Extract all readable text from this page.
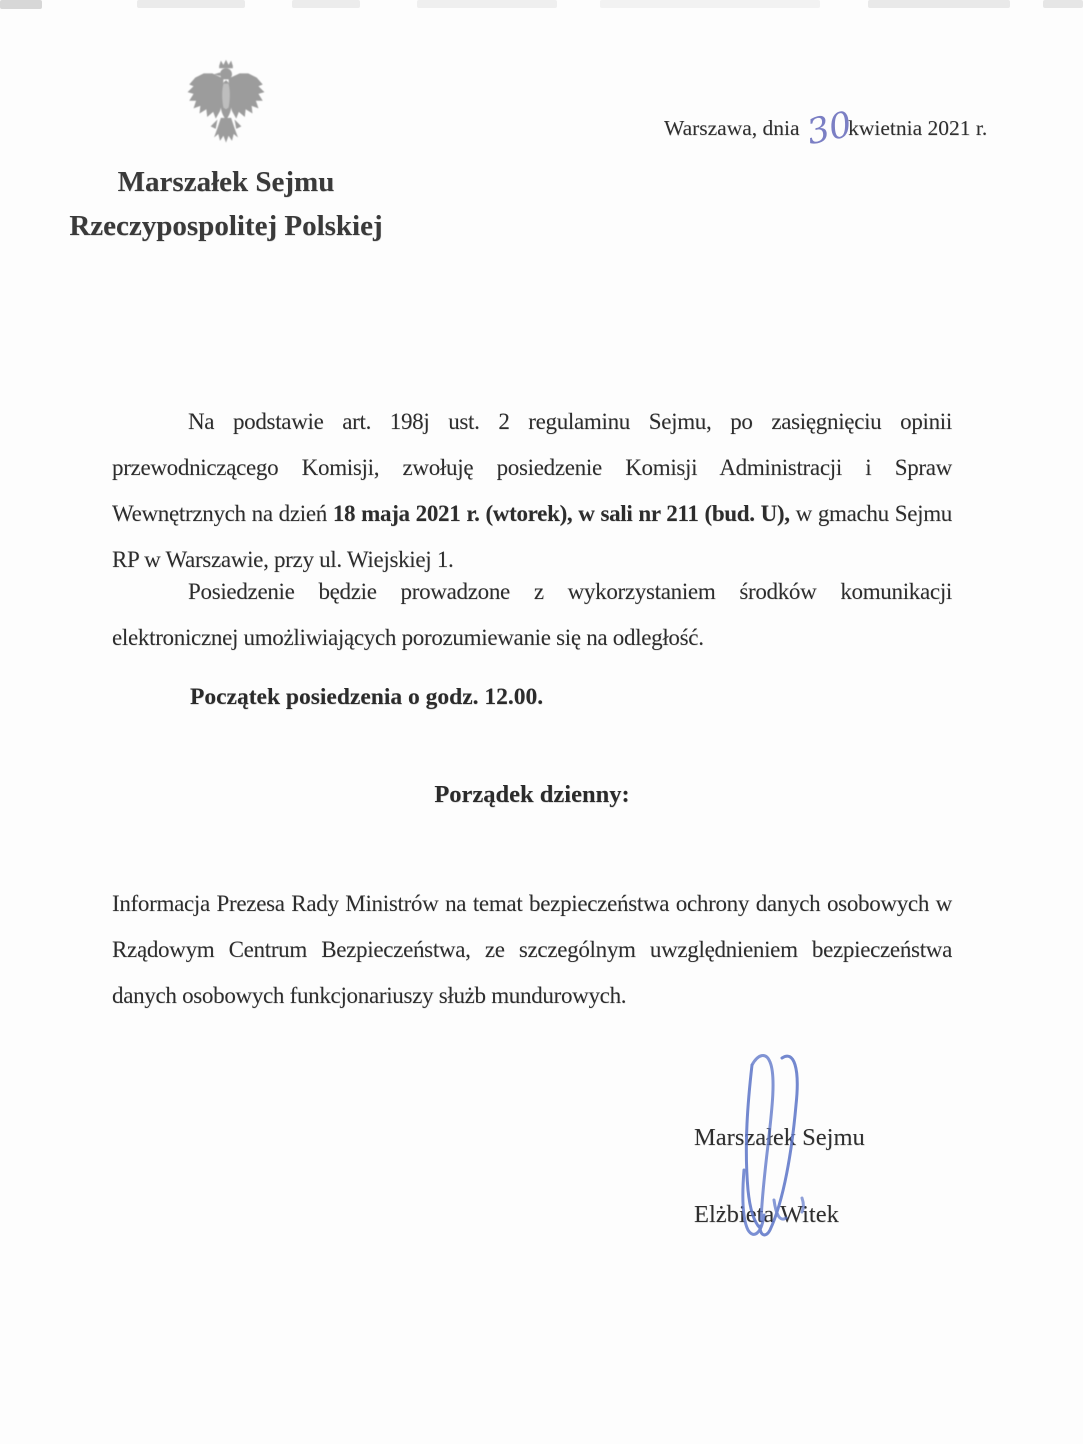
Marszałek Sejmu
Rzeczypospolitej Polskiej
Warszawa, dnia 30kwietnia 2021 r.

Na podstawie art. 198j ust. 2 regulaminu Sejmu, po zasięgnięciu opinii przewodniczącego Komisji, zwołuję posiedzenie Komisji Administracji i Spraw Wewnętrznych na dzień 18 maja 2021 r. (wtorek), w sali nr 211 (bud. U), w gmachu Sejmu RP w Warszawie, przy ul. Wiejskiej 1.

Posiedzenie będzie prowadzone z wykorzystaniem środków komunikacji elektronicznej umożliwiających porozumiewanie się na odległość.

Początek posiedzenia o godz. 12.00.
Porządek dzienny:

Informacja Prezesa Rady Ministrów na temat bezpieczeństwa ochrony danych osobowych w Rządowym Centrum Bezpieczeństwa, ze szczególnym uwzględnieniem bezpieczeństwa danych osobowych funkcjonariuszy służb mundurowych.

Marszałek Sejmu
Elżbieta Witek
